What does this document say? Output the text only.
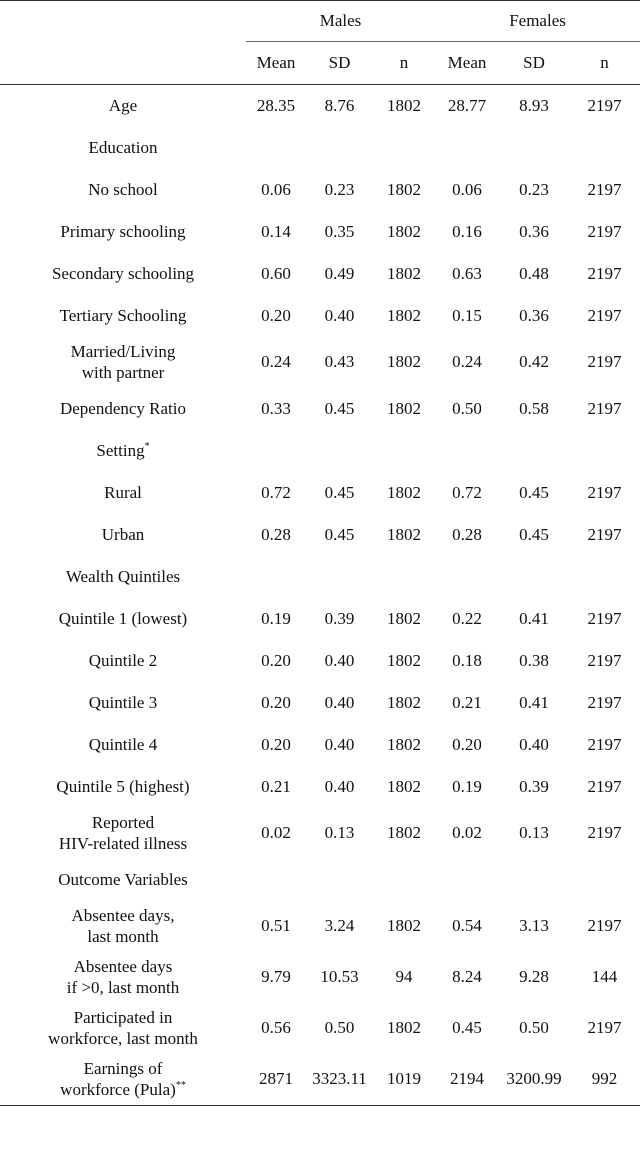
	Males			Females		
	Mean	SD	n	Mean	SD	n
Age	28.35	8.76	1802	28.77	8.93	2197
Education						
No school	0.06	0.23	1802	0.06	0.23	2197
Primary schooling	0.14	0.35	1802	0.16	0.36	2197
Secondary schooling	0.60	0.49	1802	0.63	0.48	2197
Tertiary Schooling	0.20	0.40	1802	0.15	0.36	2197
Married/Living
with partner	0.24	0.43	1802	0.24	0.42	2197
Dependency Ratio	0.33	0.45	1802	0.50	0.58	2197
Setting*						
Rural	0.72	0.45	1802	0.72	0.45	2197
Urban	0.28	0.45	1802	0.28	0.45	2197
Wealth Quintiles						
Quintile 1 (lowest)	0.19	0.39	1802	0.22	0.41	2197
Quintile 2	0.20	0.40	1802	0.18	0.38	2197
Quintile 3	0.20	0.40	1802	0.21	0.41	2197
Quintile 4	0.20	0.40	1802	0.20	0.40	2197
Quintile 5 (highest)	0.21	0.40	1802	0.19	0.39	2197
Reported
HIV-related illness	0.02	0.13	1802	0.02	0.13	2197
Outcome Variables						
Absentee days,
last month	0.51	3.24	1802	0.54	3.13	2197
Absentee days
if >0, last month	9.79	10.53	94	8.24	9.28	144
Participated in
workforce, last month	0.56	0.50	1802	0.45	0.50	2197
Earnings of
workforce (Pula)**	2871	3323.11	1019	2194	3200.99	992
